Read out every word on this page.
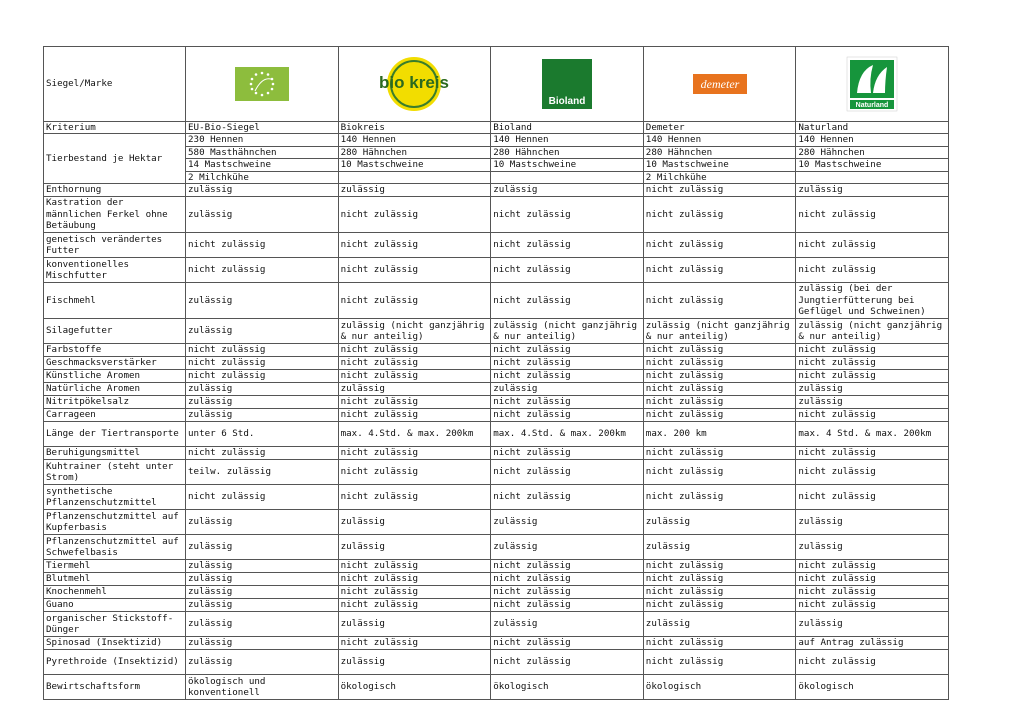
Siegel/Marke		bio kreis	Bioland	demeter	Naturland

Kriterium	EU-Bio-Siegel	Biokreis	Bioland	Demeter	Naturland
Tierbestand je Hektar	230 Hennen	140 Hennen	140 Hennen	140 Hennen	140 Hennen
	580 Masthähnchen	280 Hähnchen	280 Hähnchen	280 Hähnchen	280 Hähnchen
	14 Mastschweine	10 Mastschweine	10 Mastschweine	10 Mastschweine	10 Mastschweine
	2 Milchkühe			2 Milchkühe	
Enthornung	zulässig	zulässig	zulässig	nicht zulässig	zulässig
Kastration der männlichen Ferkel ohne Betäubung	zulässig	nicht zulässig	nicht zulässig	nicht zulässig	nicht zulässig
genetisch verändertes Futter	nicht zulässig	nicht zulässig	nicht zulässig	nicht zulässig	nicht zulässig
konventionelles Mischfutter	nicht zulässig	nicht zulässig	nicht zulässig	nicht zulässig	nicht zulässig
Fischmehl	zulässig	nicht zulässig	nicht zulässig	nicht zulässig	zulässig (bei der Jungtierfütterung bei Geflügel und Schweinen)
Silagefutter	zulässig	zulässig (nicht ganzjährig & nur anteilig)	zulässig (nicht ganzjährig & nur anteilig)	zulässig (nicht ganzjährig & nur anteilig)	zulässig (nicht ganzjährig & nur anteilig)
Farbstoffe	nicht zulässig	nicht zulässig	nicht zulässig	nicht zulässig	nicht zulässig
Geschmacksverstärker	nicht zulässig	nicht zulässig	nicht zulässig	nicht zulässig	nicht zulässig
Künstliche Aromen	nicht zulässig	nicht zulässig	nicht zulässig	nicht zulässig	nicht zulässig
Natürliche Aromen	zulässig	zulässig	zulässig	nicht zulässig	zulässig
Nitritpökelsalz	zulässig	nicht zulässig	nicht zulässig	nicht zulässig	zulässig
Carrageen	zulässig	nicht zulässig	nicht zulässig	nicht zulässig	nicht zulässig
Länge der Tiertransporte	unter 6 Std.	max. 4.Std. & max. 200km	max. 4.Std. & max. 200km	max. 200 km	max. 4 Std. & max. 200km
Beruhigungsmittel	nicht zulässig	nicht zulässig	nicht zulässig	nicht zulässig	nicht zulässig
Kuhtrainer (steht unter Strom)	teilw. zulässig	nicht zulässig	nicht zulässig	nicht zulässig	nicht zulässig
synthetische Pflanzenschutzmittel	nicht zulässig	nicht zulässig	nicht zulässig	nicht zulässig	nicht zulässig
Pflanzenschutzmittel auf Kupferbasis	zulässig	zulässig	zulässig	zulässig	zulässig
Pflanzenschutzmittel auf Schwefelbasis	zulässig	zulässig	zulässig	zulässig	zulässig
Tiermehl	zulässig	nicht zulässig	nicht zulässig	nicht zulässig	nicht zulässig
Blutmehl	zulässig	nicht zulässig	nicht zulässig	nicht zulässig	nicht zulässig
Knochenmehl	zulässig	nicht zulässig	nicht zulässig	nicht zulässig	nicht zulässig
Guano	zulässig	nicht zulässig	nicht zulässig	nicht zulässig	nicht zulässig
organischer Stickstoff-Dünger	zulässig	zulässig	zulässig	zulässig	zulässig
Spinosad (Insektizid)	zulässig	nicht zulässig	nicht zulässig	nicht zulässig	auf Antrag zulässig
Pyrethroide (Insektizid)	zulässig	zulässig	nicht zulässig	nicht zulässig	nicht zulässig
Bewirtschaftsform	ökologisch und konventionell	ökologisch	ökologisch	ökologisch	ökologisch
